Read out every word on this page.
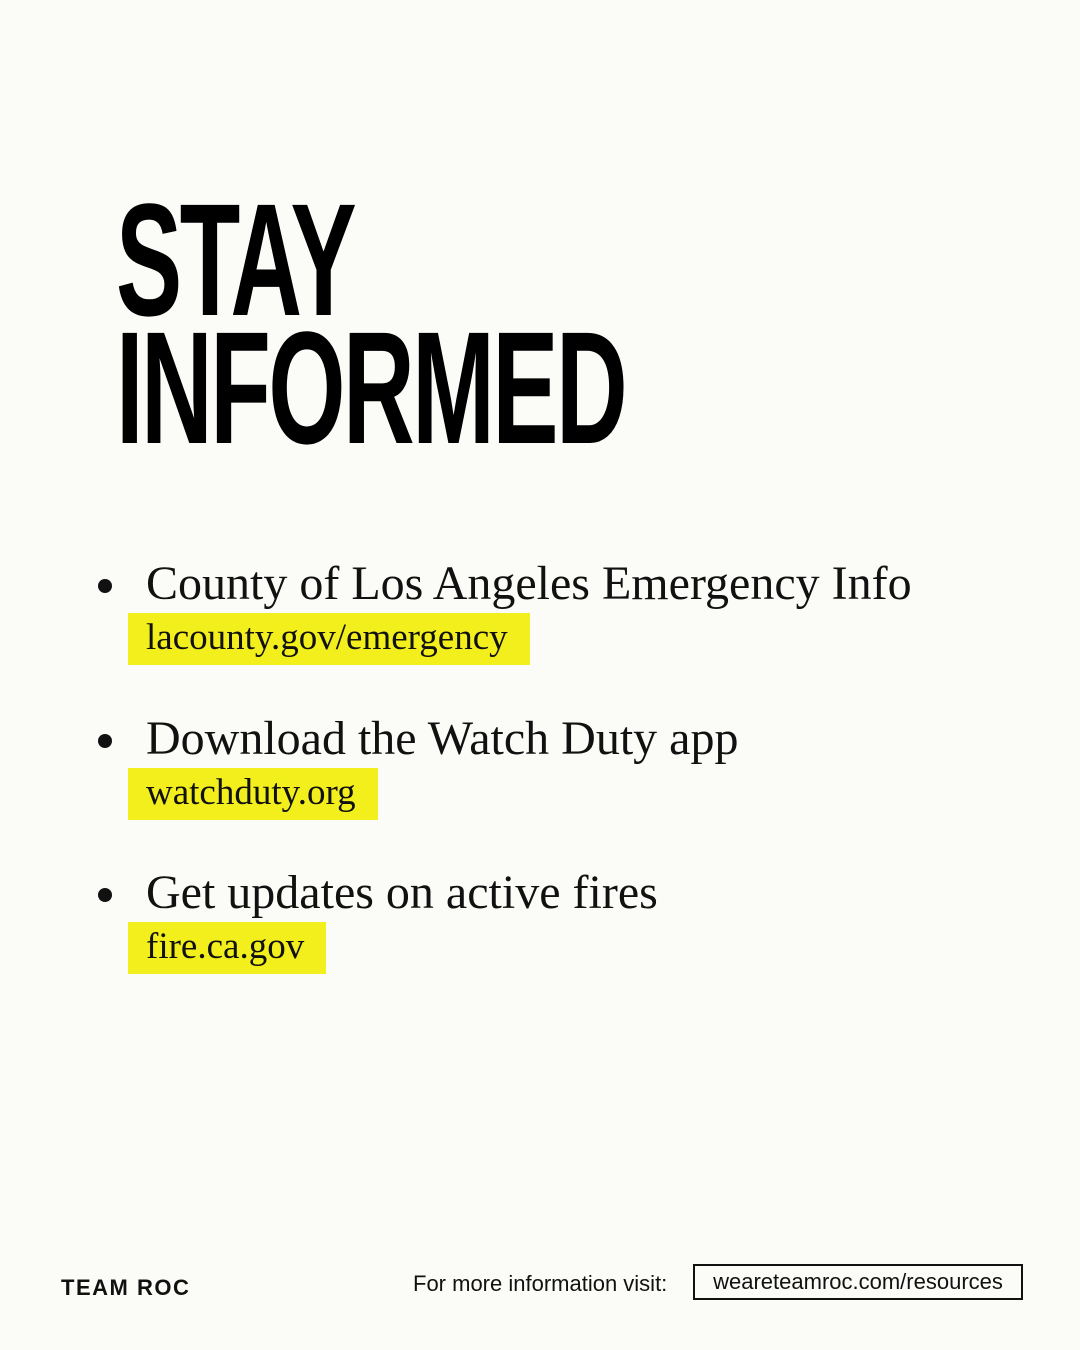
STAY
INFORMED
County of Los Angeles Emergency Info
lacounty.gov/emergency
Download the Watch Duty app
watchduty.org
Get updates on active fires
fire.ca.gov
TEAM ROC	For more information visit:	weareteamroc.com/resources
